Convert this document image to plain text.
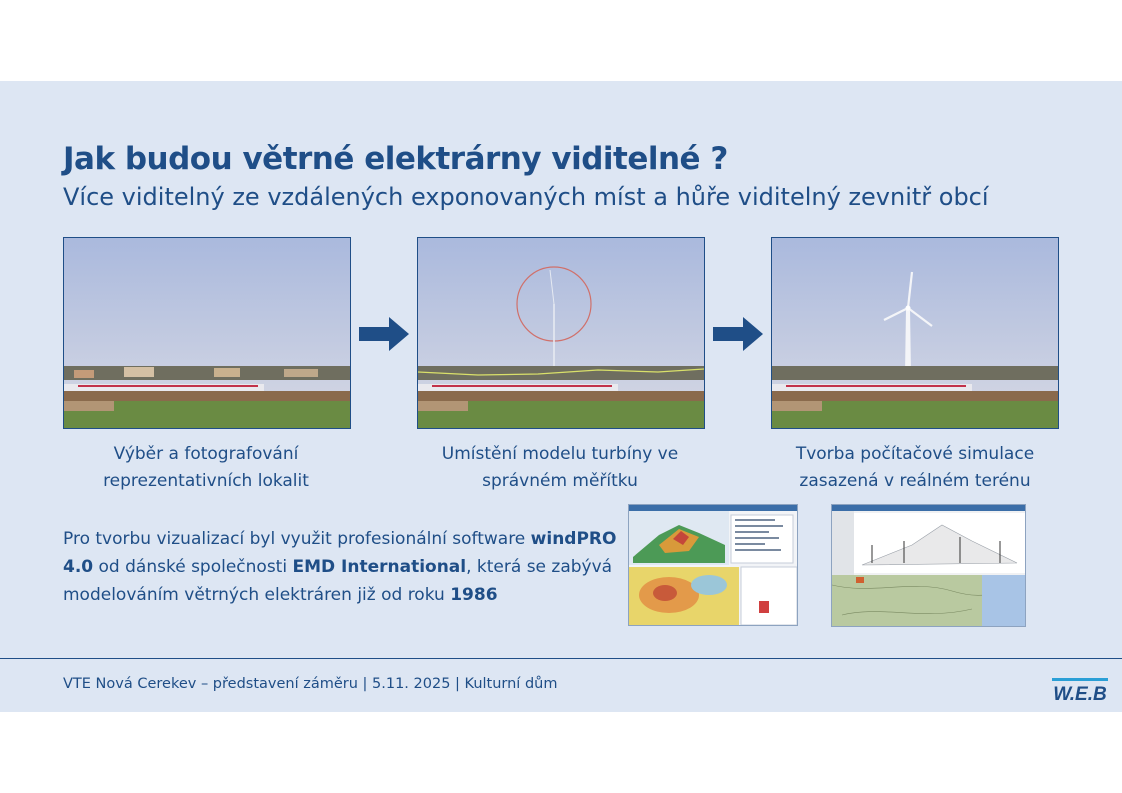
Jak budou větrné elektrárny viditelné ?
Více viditelný ze vzdálených exponovaných míst a hůře viditelný zevnitř obcí
Výběr a fotografování
reprezentativních lokalit
Umístění modelu turbíny ve
správném měřítku
Tvorba počítačové simulace
zasazená v reálném terénu
Pro tvorbu vizualizací byl využit profesionální software windPRO 4.0 od dánské společnosti EMD International, která se zabývá modelováním větrných elektráren již od roku 1986
VTE Nová Cerekev – představení záměru | 5.11. 2025 | Kulturní dům	W.E.B
